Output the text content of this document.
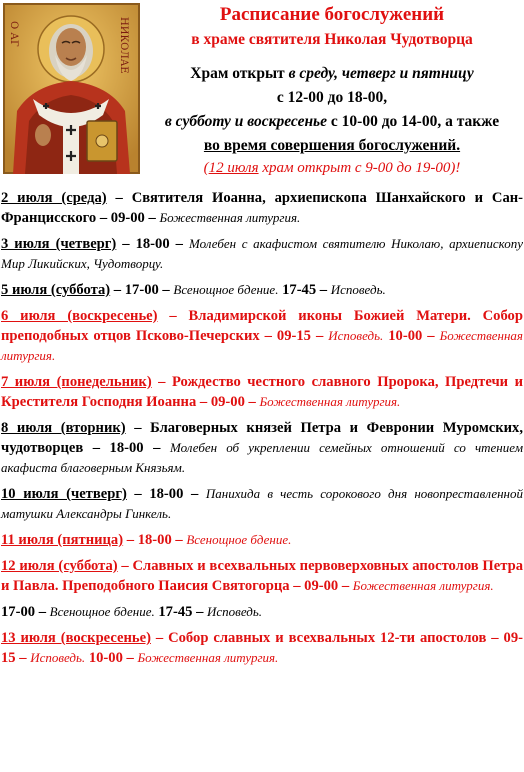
О АГ	НИКОЛАЕ
Расписание богослужений
в храме святителя Николая Чудотворца
Храм открыт в среду, четверг и пятницу
с 12-00 до 18-00,
в субботу и воскресенье с 10-00 до 14-00, а также
во время совершения богослужений.
(12 июля храм открыт с 9-00 до 19-00)!
2 июля (среда) – Святителя Иоанна, архиепископа Шанхайского и Сан-Франциcского – 09-00 – Божественная литургия.
3 июля (четверг) – 18-00 – Молебен с акафистом святителю Николаю, архиепископу Мир Ликийских, Чудотворцу.
5 июля (суббота) – 17-00 – Всенощное бдение. 17-45 – Исповедь.
6 июля (воскресенье) – Владимирской иконы Божией Матери. Собор преподобных отцов Псково-Печерских – 09-15 – Исповедь. 10-00 – Божественная литургия.
7 июля (понедельник) – Рождество честного славного Пророка, Предтечи и Крестителя Господня Иоанна – 09-00 – Божественная литургия.
8 июля (вторник) – Благоверных князей Петра и Февронии Муромских, чудотворцев – 18-00 – Молебен об укреплении семейных отношений со чтением акафиста благоверным Князьям.
10 июля (четверг) – 18-00 – Панихида в честь сорокового дня новопреставленной матушки Александры Гинкель.
11 июля (пятница) – 18-00 – Всенощное бдение.
12 июля (суббота) – Славных и всехвальных первоверховных апостолов Петра и Павла. Преподобного Паисия Святогорца – 09-00 – Божественная литургия.
17-00 – Всенощное бдение. 17-45 – Исповедь.
13 июля (воскресенье) – Собор славных и всехвальных 12-ти апостолов – 09-15 – Исповедь. 10-00 – Божественная литургия.
